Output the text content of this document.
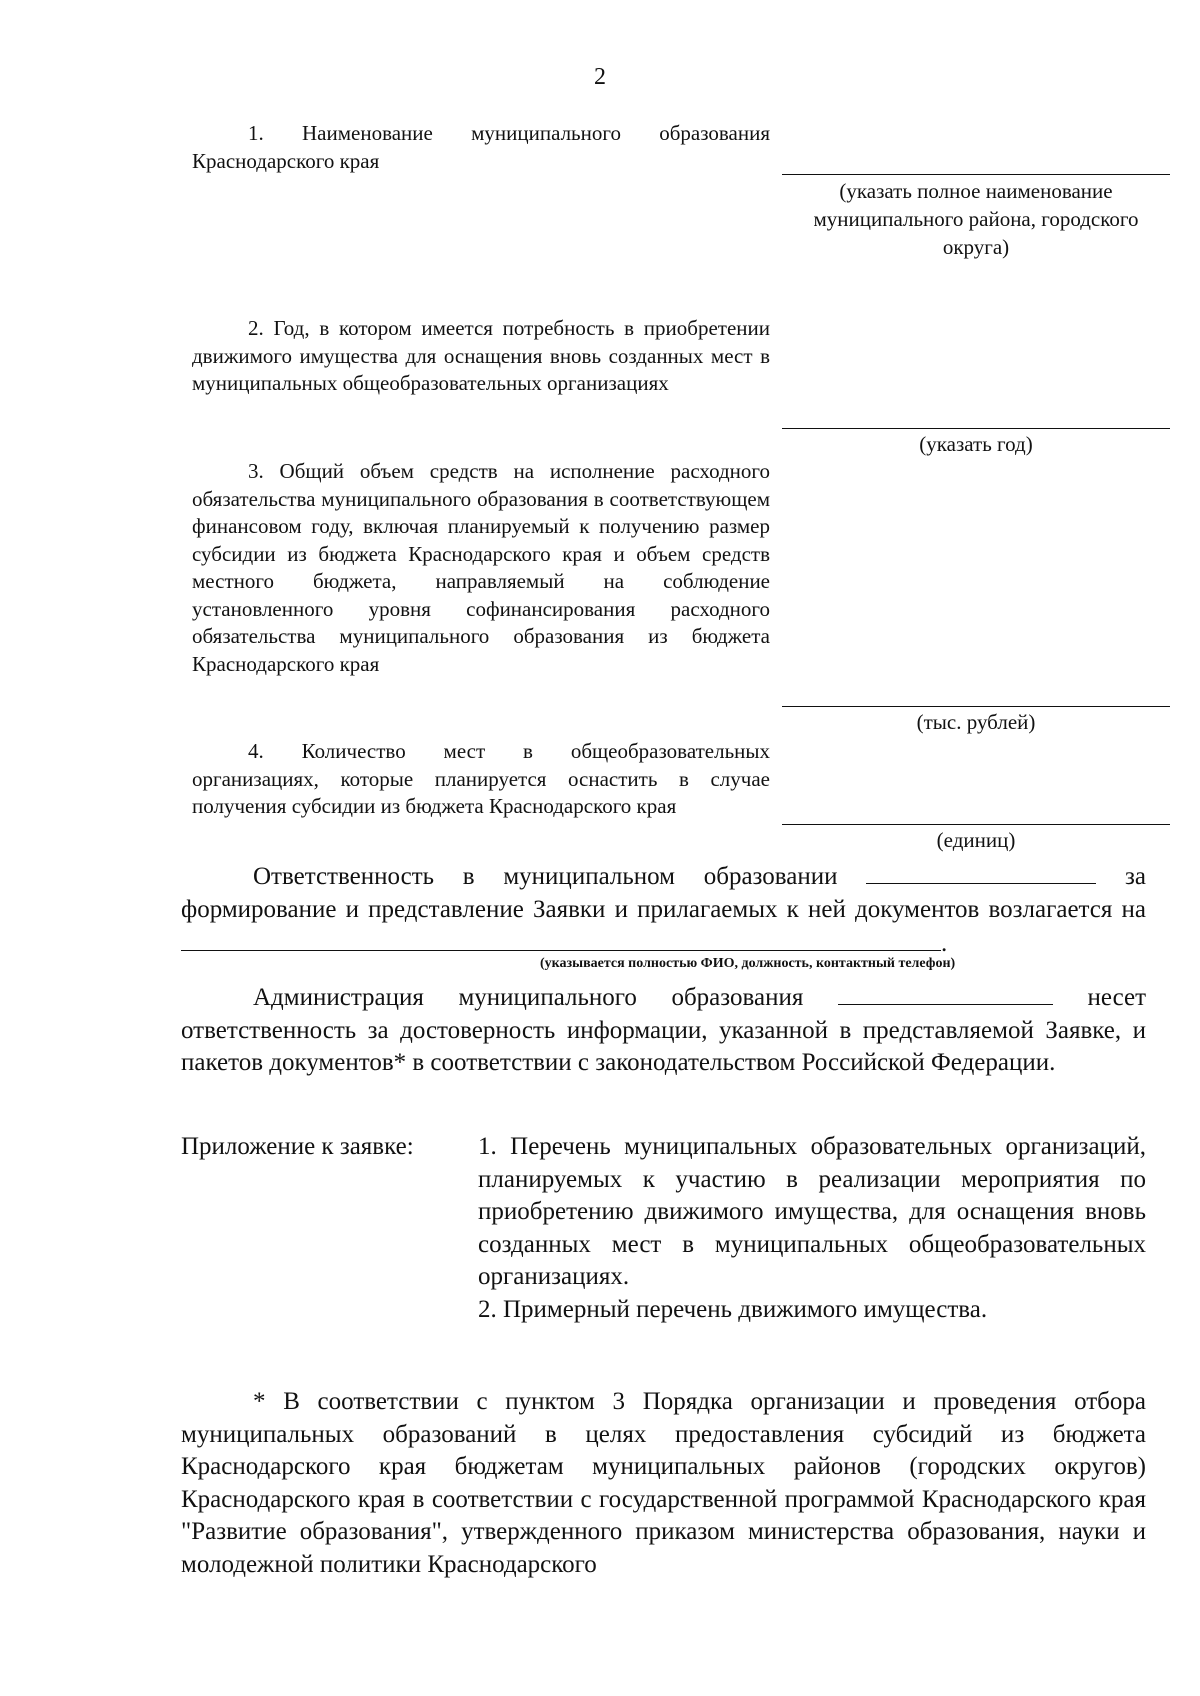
2
1. Наименование муниципального образования Краснодарского края
(указать полное наименование муниципального района, городского округа)
2. Год, в котором имеется потребность в приобретении движимого имущества для оснащения вновь созданных мест в муниципальных общеобразовательных организациях
(указать год)
3. Общий объем средств на исполнение расходного обязательства муниципального образования в соответствующем финансовом году, включая планируемый к получению размер субсидии из бюджета Краснодарского края и объем средств местного бюджета, направляемый на соблюдение установленного уровня софинансирования расходного обязательства муниципального образования из бюджета Краснодарского края
(тыс. рублей)
4. Количество мест в общеобразовательных организациях, которые планируется оснастить в случае получения субсидии из бюджета Краснодарского края
(единиц)
Ответственность в муниципальном образовании	за формирование и представление Заявки и прилагаемых к ней документов возлагается на .
(указывается полностью ФИО, должность, контактный телефон)
Администрация муниципального образования	несет ответственность за достоверность информации, указанной в представляемой Заявке, и пакетов документов* в соответствии с законодательством Российской Федерации.
Приложение к заявке:	1. Перечень муниципальных образовательных организаций, планируемых к участию в реализации мероприятия по приобретению движимого имущества, для оснащения вновь созданных мест в муниципальных общеобразовательных организациях.
2. Примерный перечень движимого имущества.
* В соответствии с пунктом 3 Порядка организации и проведения отбора муниципальных образований в целях предоставления субсидий из бюджета Краснодарского края бюджетам муниципальных районов (городских округов) Краснодарского края в соответствии с государственной программой Краснодарского края "Развитие образования", утвержденного приказом министерства образования, науки и молодежной политики Краснодарского
